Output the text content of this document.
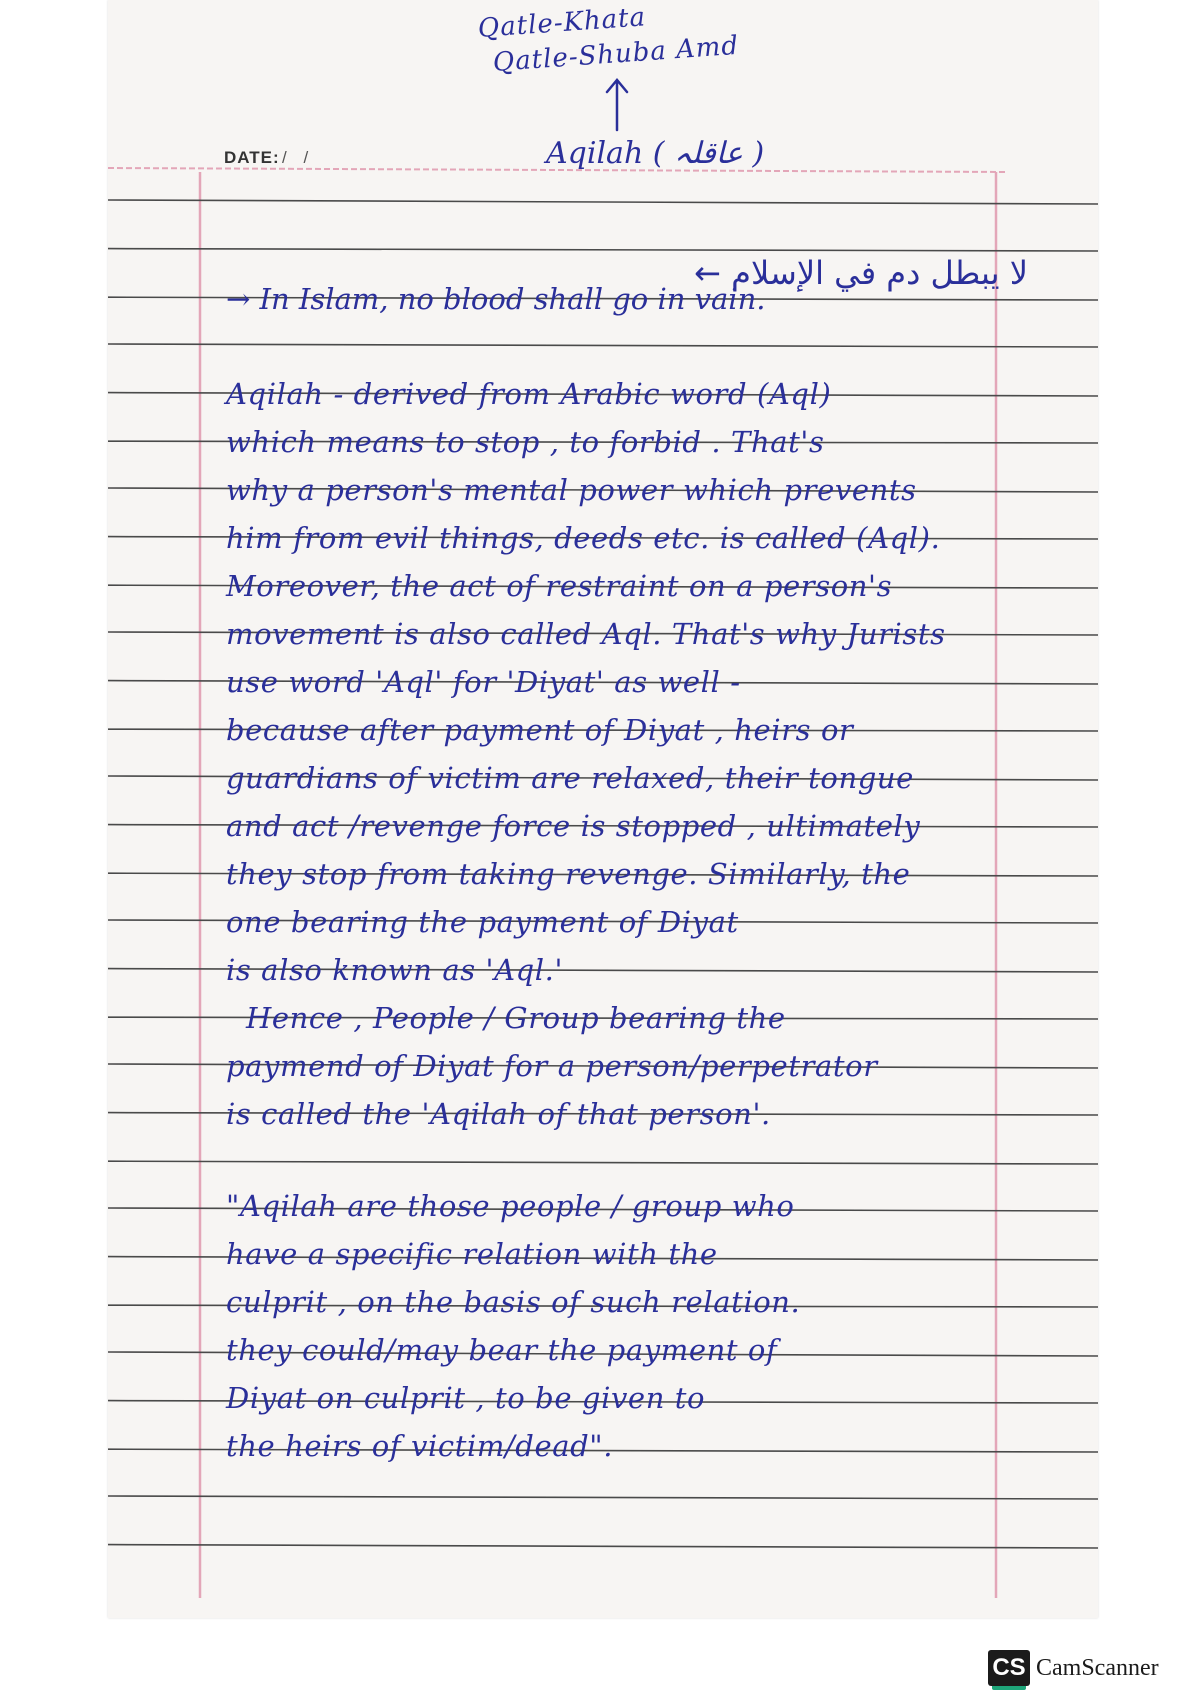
Qatle-Khata
Qatle-Shuba Amd
DATE: / /	Aqilah ( عاقلہ )
لا يبطل دم في الإسلام ←
→ In Islam, no blood shall go in vain.
Aqilah - derived from Arabic word (Aql)
which means to stop , to forbid . That's
why a person's mental power which prevents
him from evil things, deeds etc. is called (Aql).
Moreover, the act of restraint on a person's
movement is also called Aql. That's why Jurists
use word 'Aql' for 'Diyat' as well -
because after payment of Diyat , heirs or
guardians of victim are relaxed, their tongue
and act /revenge force is stopped , ultimately
they stop from taking revenge. Similarly, the
one bearing the payment of Diyat
is also known as 'Aql.'
Hence , People / Group bearing the
paymend of Diyat for a person/perpetrator
is called the 'Aqilah of that person'.
"Aqilah are those people / group who
have a specific relation with the
culprit , on the basis of such relation.
they could/may bear the payment of
Diyat on culprit , to be given to
the heirs of victim/dead".
CS CamScanner
